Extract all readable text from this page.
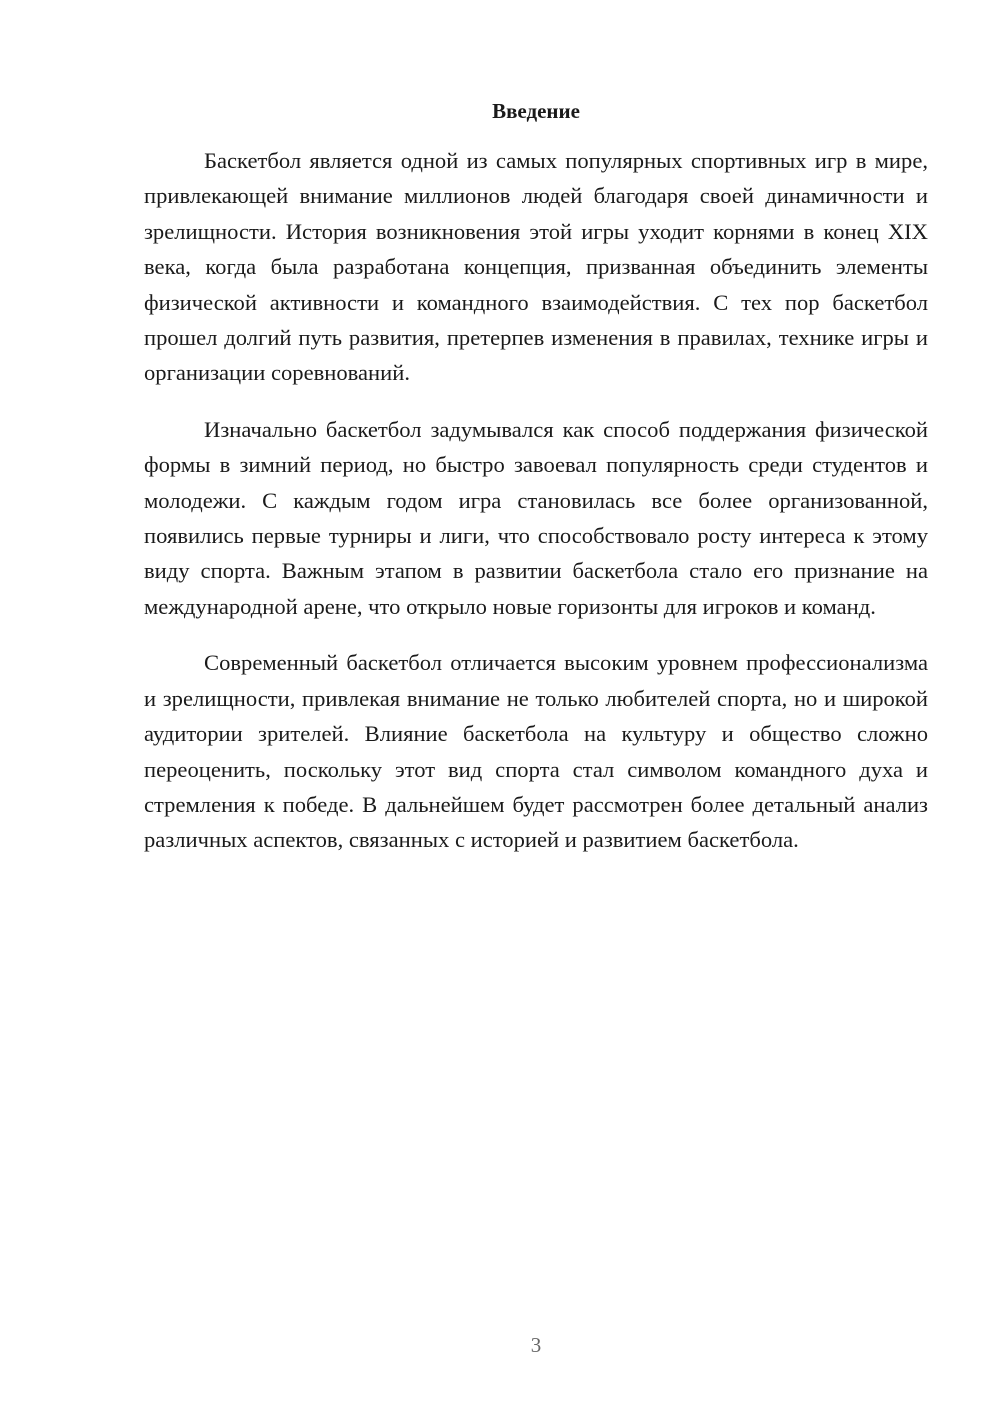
Введение

Баскетбол является одной из самых популярных спортивных игр в мире, привлекающей внимание миллионов людей благодаря своей динамичности и зрелищности. История возникновения этой игры уходит корнями в конец XIX века, когда была разработана концепция, призванная объединить элементы физической активности и командного взаимодействия. С тех пор баскетбол прошел долгий путь развития, претерпев изменения в правилах, технике игры и организации соревнований.

Изначально баскетбол задумывался как способ поддержания физической формы в зимний период, но быстро завоевал популярность среди студентов и молодежи. С каждым годом игра становилась все более организованной, появились первые турниры и лиги, что способствовало росту интереса к этому виду спорта. Важным этапом в развитии баскетбола стало его признание на международной арене, что открыло новые горизонты для игроков и команд.

Современный баскетбол отличается высоким уровнем профессионализма и зрелищности, привлекая внимание не только любителей спорта, но и широкой аудитории зрителей. Влияние баскетбола на культуру и общество сложно переоценить, поскольку этот вид спорта стал символом командного духа и стремления к победе. В дальнейшем будет рассмотрен более детальный анализ различных аспектов, связанных с историей и развитием баскетбола.

3
